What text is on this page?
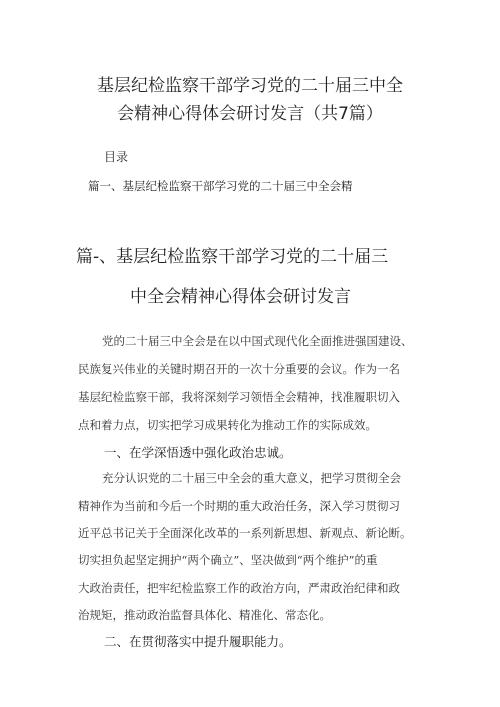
基层纪检监察干部学习党的二十届三中全
会精神心得体会研讨发言（共7篇）
目录
篇一、基层纪检监察干部学习党的二十届三中全会精
篇-、基层纪检监察干部学习党的二十届三
中全会精神心得体会研讨发言
党的二十届三中全会是在以中国式现代化全面推进强国建设、
民族复兴伟业的关键时期召开的一次十分重要的会议。作为一名
基层纪检监察干部，我将深刻学习领悟全会精神，找准履职切入
点和着力点，切实把学习成果转化为推动工作的实际成效。
一、在学深悟透中强化政治忠诚。
充分认识党的二十届三中全会的重大意义，把学习贯彻全会
精神作为当前和今后一个时期的重大政治任务，深入学习贯彻习
近平总书记关于全面深化改革的一系列新思想、新观点、新论断。
切实担负起坚定拥护“两个确立”、坚决做到“两个维护”的重
大政治责任，把牢纪检监察工作的政治方向，严肃政治纪律和政
治规矩，推动政治监督具体化、精准化、常态化。
二、在贯彻落实中提升履职能力。
